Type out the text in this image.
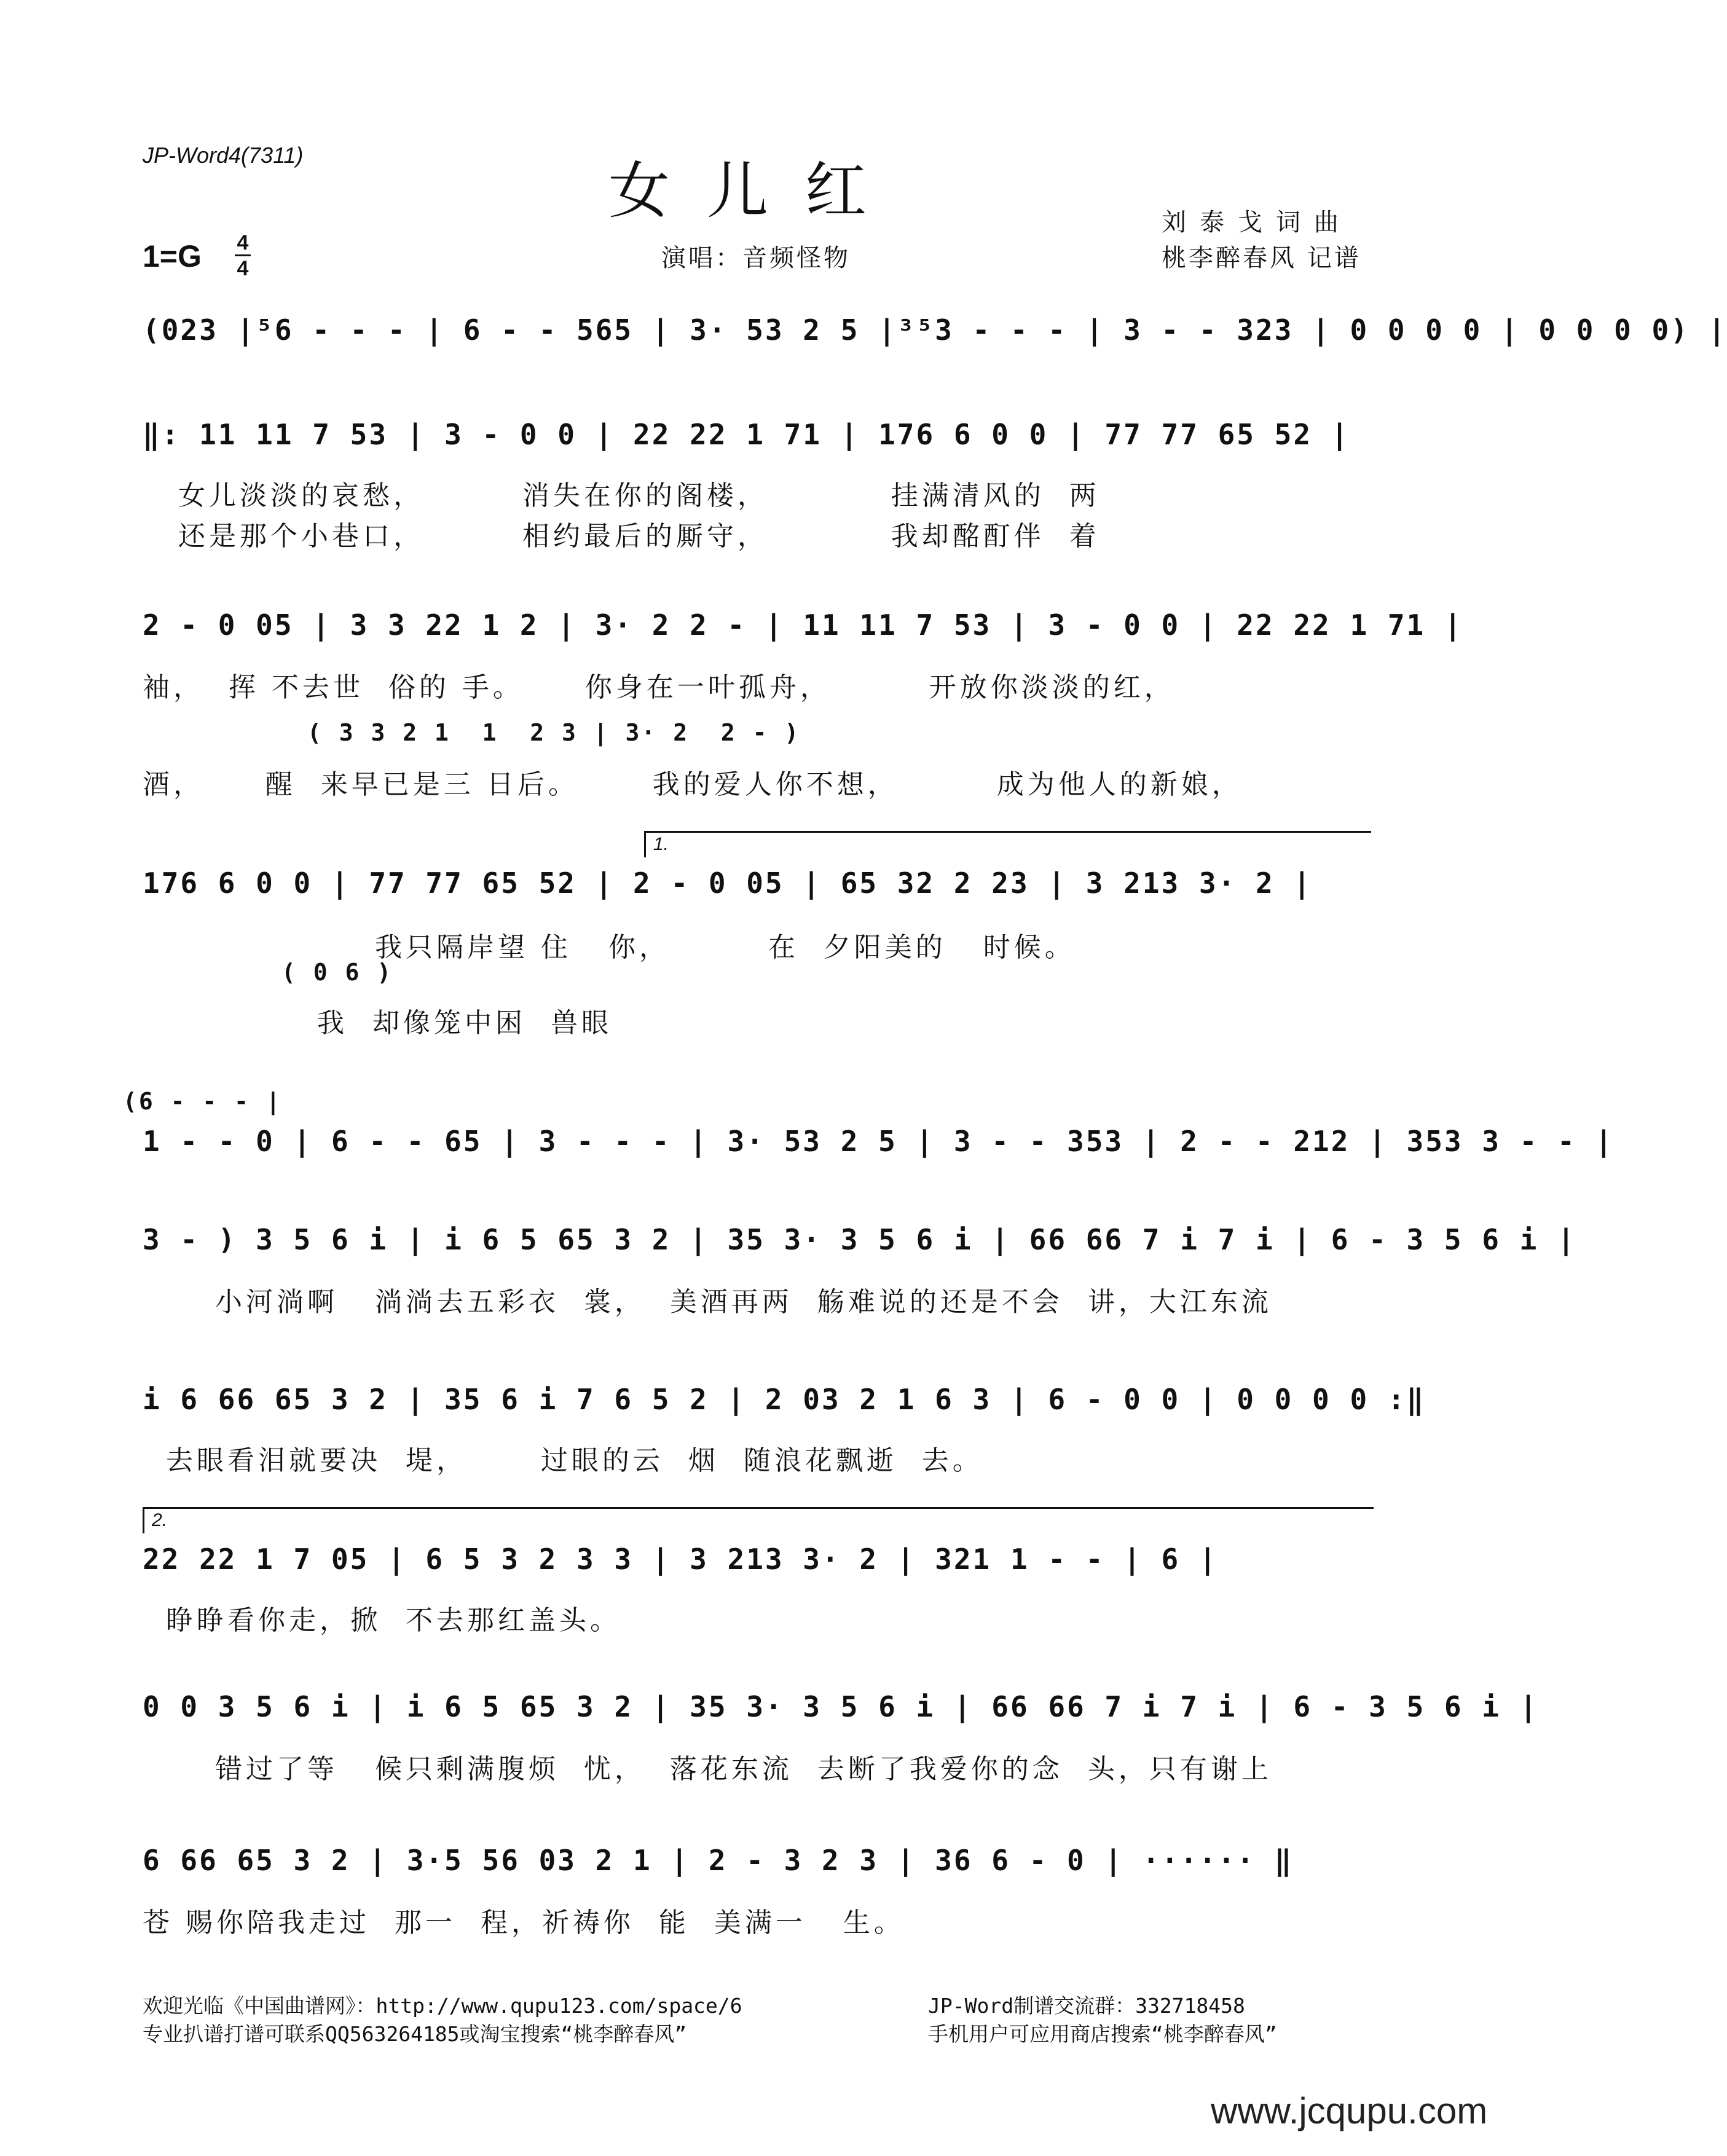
JP-Word4(7311)	女儿红	刘泰戈词曲
1=G 4
4	演唱：音频怪物	桃李醉春风 记谱
(023 |⁵6 - - - | 6 - - 565 | 3· 53 2 5 |³⁵3 - - - | 3 - - 323 | 0 0 0 0 | 0 0 0 0) |
‖: 11 11 7 53 | 3 - 0 0 | 22 22 1 71 | 176 6 0 0 | 77 77 65 52 |
女儿淡淡的哀愁，        消失在你的阁楼，          挂满清风的  两
还是那个小巷口，        相约最后的厮守，          我却酩酊伴  着
2 - 0 05 | 3 3 22 1 2 | 3· 2 2 - | 11 11 7 53 | 3 - 0 0 | 22 22 1 71 |
袖，  挥 不去世  俗的 手。     你身在一叶孤舟，        开放你淡淡的红，
( 3 3 2 1  1  2 3 | 3· 2  2 - )
酒，     醒  来早已是三 日后。      我的爱人你不想，        成为他人的新娘，
1.
176 6 0 0 | 77 77 65 52 | 2 - 0 05 | 65 32 2 23 | 3 213 3· 2 |
我只隔岸望 住   你，        在  夕阳美的   时候。
( 0 6 )
我  却像笼中困  兽眼
(6 - - - |
1 - - 0 | 6 - - 65 | 3 - - - | 3· 53 2 5 | 3 - - 353 | 2 - - 212 | 353 3 - - |
3 - ) 3 5 6 i | i 6 5 65 3 2 | 35 3· 3 5 6 i | 66 66 7 i 7 i | 6 - 3 5 6 i |
小河淌啊   淌淌去五彩衣  裳，  美酒再两  觞难说的还是不会  讲，大江东流
i 6 66 65 3 2 | 35 6 i 7 6 5 2 | 2 03 2 1 6 3 | 6 - 0 0 | 0 0 0 0 :‖
去眼看泪就要决  堤，      过眼的云  烟  随浪花飘逝  去。
2.
22 22 1 7 05 | 6 5 3 2 3 3 | 3 213 3· 2 | 321 1 - - | 6 |
睁睁看你走，掀  不去那红盖头。
0 0 3 5 6 i | i 6 5 65 3 2 | 35 3· 3 5 6 i | 66 66 7 i 7 i | 6 - 3 5 6 i |
错过了等   候只剩满腹烦  忧，  落花东流  去断了我爱你的念  头，只有谢上
6 66 65 3 2 | 3·5 56 03 2 1 | 2 - 3 2 3 | 36 6 - 0 | ······ ‖
苍 赐你陪我走过  那一  程，祈祷你  能  美满一   生。
欢迎光临《中国曲谱网》：http://www.qupu123.com/space/6	JP-Word制谱交流群：332718458
专业扒谱打谱可联系QQ563264185或淘宝搜索“桃李醉春风”	手机用户可应用商店搜索“桃李醉春风”
www.jcqupu.com
